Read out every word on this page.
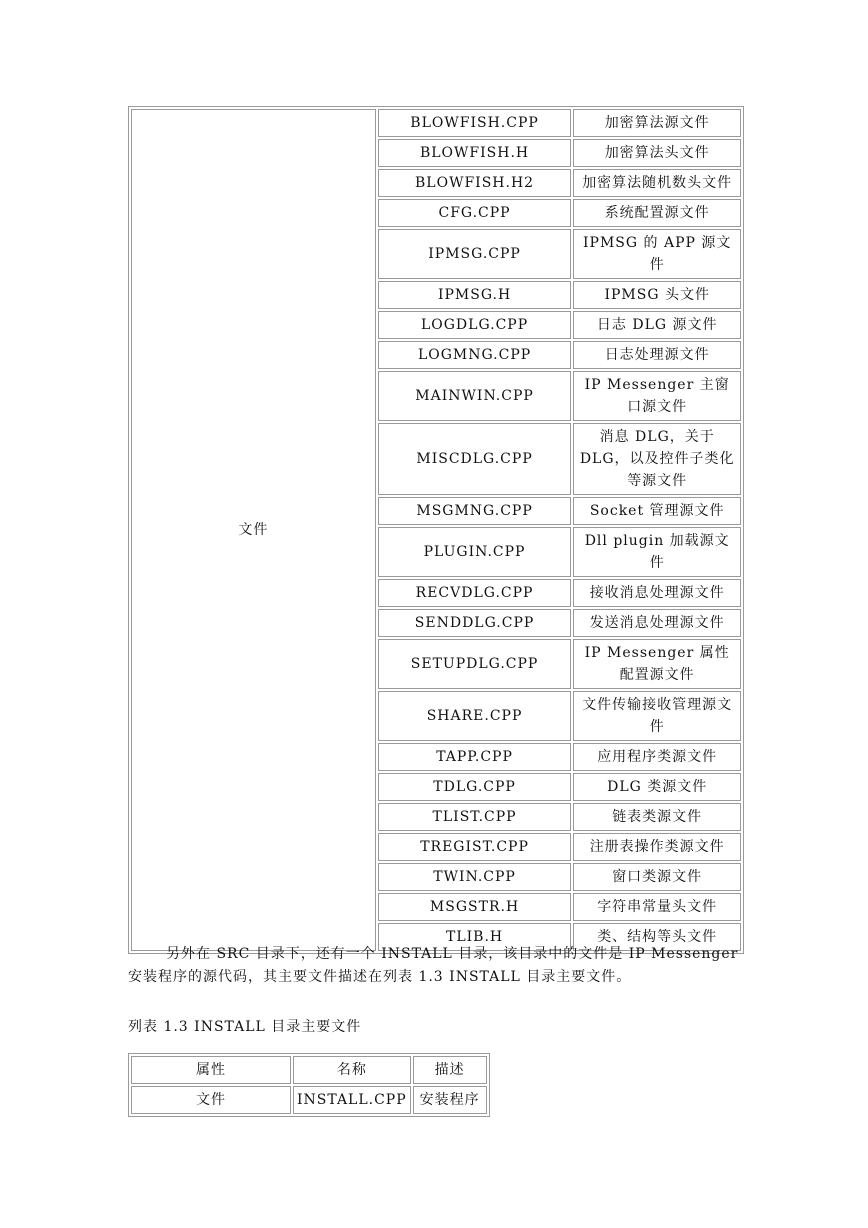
文件	BLOWFISH.CPP	加密算法源文件
	BLOWFISH.H	加密算法头文件
	BLOWFISH.H2	加密算法随机数头文件
	CFG.CPP	系统配置源文件
	IPMSG.CPP	IPMSG 的 APP 源文件
	IPMSG.H	IPMSG 头文件
	LOGDLG.CPP	日志 DLG 源文件
	LOGMNG.CPP	日志处理源文件
	MAINWIN.CPP	IP Messenger 主窗口源文件
	MISCDLG.CPP	消息 DLG，关于 DLG，以及控件子类化等源文件
	MSGMNG.CPP	Socket 管理源文件
	PLUGIN.CPP	Dll plugin 加载源文件
	RECVDLG.CPP	接收消息处理源文件
	SENDDLG.CPP	发送消息处理源文件
	SETUPDLG.CPP	IP Messenger 属性配置源文件
	SHARE.CPP	文件传输接收管理源文件
	TAPP.CPP	应用程序类源文件
	TDLG.CPP	DLG 类源文件
	TLIST.CPP	链表类源文件
	TREGIST.CPP	注册表操作类源文件
	TWIN.CPP	窗口类源文件
	MSGSTR.H	字符串常量头文件
	TLIB.H	类、结构等头文件
另外在 SRC 目录下，还有一个 INSTALL 目录，该目录中的文件是 IP Messenger 安装程序的源代码，其主要文件描述在列表 1.3 INSTALL 目录主要文件。
列表 1.3 INSTALL 目录主要文件
属性	名称	描述
文件	INSTALL.CPP	安装程序
